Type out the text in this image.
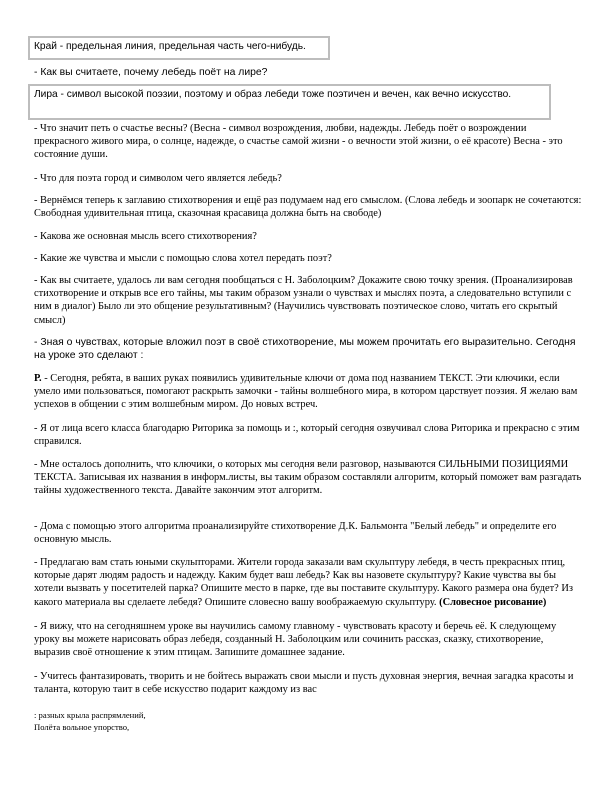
Край - предельная линия, предельная часть чего-нибудь.

- Как вы считаете, почему лебедь поёт на лире?

Лира - символ высокой поэзии, поэтому и образ лебеди тоже поэтичен и вечен, как вечно искусство.

- Что значит петь о счастье весны? (Весна - символ возрождения, любви, надежды. Лебедь поёт о возрождении прекрасного живого мира, о солнце, надежде, о счастье самой жизни - о вечности этой жизни, о её красоте) Весна - это состояние души.

- Что для поэта город и символом чего является лебедь?

- Вернёмся теперь к заглавию стихотворения и ещё раз подумаем над его смыслом. (Слова лебедь и зоопарк не сочетаются: Свободная удивительная птица, сказочная красавица должна быть на свободе)

- Какова же основная мысль всего стихотворения?

- Какие же чувства и мысли с помощью слова хотел передать поэт?

- Как вы считаете, удалось ли вам сегодня пообщаться с Н. Заболоцким? Докажите свою точку зрения. (Проанализировав стихотворение и открыв все его тайны, мы таким образом узнали о чувствах и мыслях поэта, а следовательно вступили с ним в диалог) Было ли это общение результативным? (Научились чувствовать поэтическое слово, читать его скрытый смысл)

- Зная о чувствах, которые вложил поэт в своё стихотворение, мы можем прочитать его выразительно. Сегодня на уроке это сделают :

Р. - Сегодня, ребята, в ваших руках появились удивительные ключи от дома под названием ТЕКСТ. Эти ключики, если умело ими пользоваться, помогают раскрыть замочки - тайны волшебного мира, в котором царствует поэзия. Я желаю вам успехов в общении с этим волшебным миром. До новых встреч.

- Я от лица всего класса благодарю Риторика за помощь и :, который сегодня озвучивал слова Риторика и прекрасно с этим справился.

- Мне осталось дополнить, что ключики, о которых мы сегодня вели разговор, называются СИЛЬНЫМИ ПОЗИЦИЯМИ ТЕКСТА. Записывая их названия в информ.листы, вы таким образом составляли алгоритм, который поможет вам разгадать тайны художественного текста. Давайте закончим этот алгоритм.

- Дома с помощью этого алгоритма проанализируйте стихотворение Д.К. Бальмонта "Белый лебедь" и определите его основную мысль.

- Предлагаю вам стать юными скульпторами. Жители города заказали вам скульптуру лебедя, в честь прекрасных птиц, которые дарят людям радость и надежду. Каким будет ваш лебедь? Как вы назовете скульптуру? Какие чувства вы бы хотели вызвать у посетителей парка? Опишите место в парке, где вы поставите скульптуру. Какого размера она будет? Из какого материала вы сделаете лебедя? Опишите словесно вашу воображаемую скульптуру. (Словесное рисование)

- Я вижу, что на сегодняшнем уроке вы научились самому главному - чувствовать красоту и беречь её. К следующему уроку вы можете нарисовать образ лебедя, созданный Н. Заболоцким или сочинить рассказ, сказку, стихотворение, выразив своё отношение к этим птицам. Запишите домашнее задание.

- Учитесь фантазировать, творить и не бойтесь выражать свои мысли и пусть духовная энергия, вечная загадка красоты и таланта, которую таит в себе искусство подарит каждому из вас

: разных крыла распрямлений,

Полёта вольное упорство,
